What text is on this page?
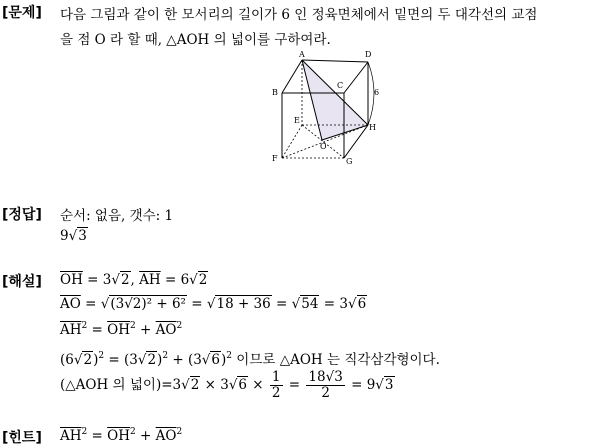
[문제] 다음 그림과 같이 한 모서리의 길이가 6 인 정육면체에서 밑면의 두 대각선의 교점
을 점 O 라 할 때, △AOH 의 넓이를 구하여라.
A
B
C
D
E
F	G
H
O
6
[정답] 순서: 없음, 갯수: 1
9√3
[해설] $\overline{OH} = 3√2$, $\overline{AH} = 6√2$
$\overline{AO} = √(3√2)^2 + 6^2 = √18 + 36 = √54 = 3√6$
$\overline{AH}^2 = \overline{OH}^2 + \overline{AO}^2$
$(6√2)^2 = (3√2)^2 + (3√6)^2$ 이므로 △AOH 는 직각삼각형이다.
(△AOH 의 넓이)$=3√2 \times 3√6 \times \frac{1}{2} = \frac{18√3}{2} = 9√3$
[힌트] $\overline{AH}^2 = \overline{OH}^2 + \overline{AO}^2$
